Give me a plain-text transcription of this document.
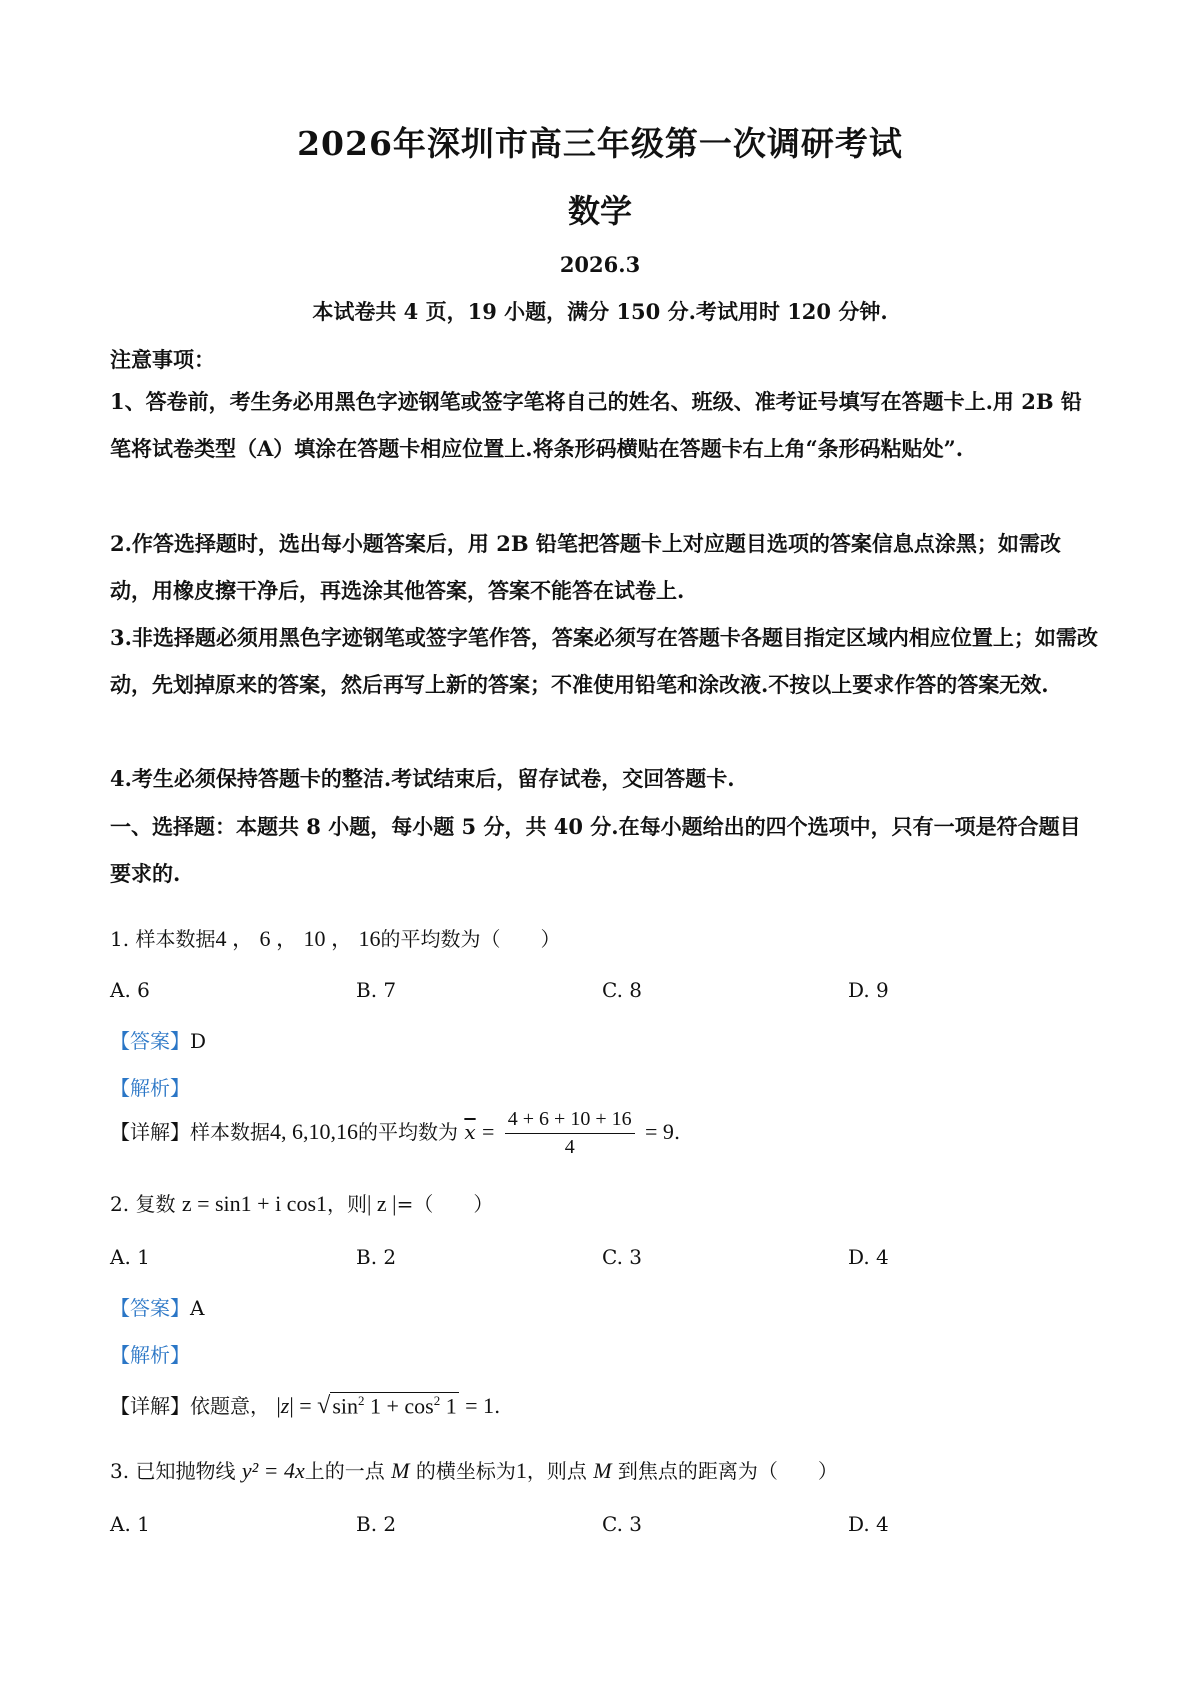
2026年深圳市高三年级第一次调研考试
数学
2026.3
本试卷共 4 页，19 小题，满分 150 分.考试用时 120 分钟.
注意事项：
1、答卷前，考生务必用黑色字迹钢笔或签字笔将自己的姓名、班级、准考证号填写在答题卡上.用 2B 铅笔将试卷类型（A）填涂在答题卡相应位置上.将条形码横贴在答题卡右上角“条形码粘贴处”.
2.作答选择题时，选出每小题答案后，用 2B 铅笔把答题卡上对应题目选项的答案信息点涂黑；如需改动，用橡皮擦干净后，再选涂其他答案，答案不能答在试卷上.
3.非选择题必须用黑色字迹钢笔或签字笔作答，答案必须写在答题卡各题目指定区域内相应位置上；如需改动，先划掉原来的答案，然后再写上新的答案；不准使用铅笔和涂改液.不按以上要求作答的答案无效.
4.考生必须保持答题卡的整洁.考试结束后，留存试卷，交回答题卡.
一、选择题：本题共 8 小题，每小题 5 分，共 40 分.在每小题给出的四个选项中，只有一项是符合题目要求的.
1. 样本数据4 ， 6 ， 10 ， 16的平均数为（　　）
A. 6	B. 7	C. 8	D. 9
【答案】D
【解析】
【详解】样本数据4, 6,10,16的平均数为 $\overline{x} = \frac{4 + 6 + 10 + 16}{4} = 9$.
2. 复数 z = sin1 + i cos1，则| z |=（　　）
A. 1	B. 2	C. 3	D. 4
【答案】A
【解析】
【详解】依题意， $|z| = √\sin^2$ $1 + \cos^2 1 = 1$.
3. 已知抛物线 y² = 4x上的一点 M 的横坐标为1，则点 M 到焦点的距离为（　　）
A. 1	B. 2	C. 3	D. 4
